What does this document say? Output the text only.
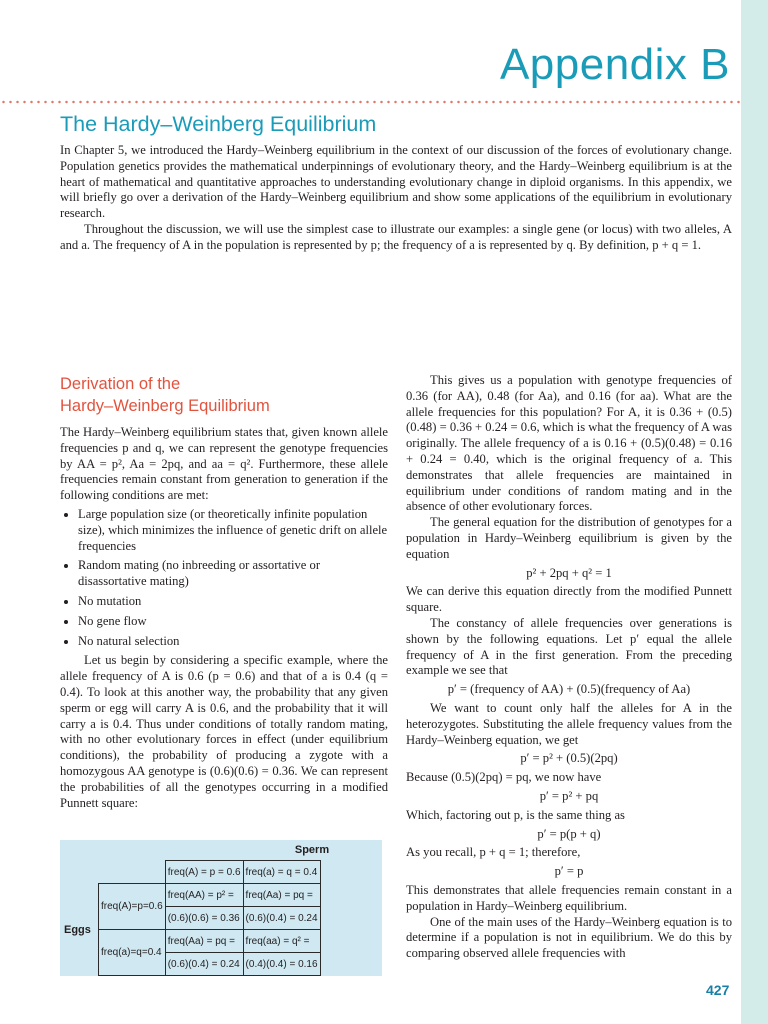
Appendix B
The Hardy–Weinberg Equilibrium

In Chapter 5, we introduced the Hardy–Weinberg equilibrium in the context of our discussion of the forces of evolutionary change. Population genetics provides the mathematical underpinnings of evolutionary theory, and the Hardy–Weinberg equilibrium is at the heart of mathematical and quantitative approaches to understanding evolutionary change in diploid organisms. In this appendix, we will briefly go over a derivation of the Hardy–Weinberg equilibrium and show some applications of the equilibrium in evolutionary research.

Throughout the discussion, we will use the simplest case to illustrate our examples: a single gene (or locus) with two alleles, A and a. The frequency of A in the population is represented by p; the frequency of a is represented by q. By definition, p + q = 1.

Derivation of the
Hardy–Weinberg Equilibrium

The Hardy–Weinberg equilibrium states that, given known allele frequencies p and q, we can represent the genotype frequencies by AA = p², Aa = 2pq, and aa = q². Furthermore, these allele frequencies remain constant from generation to generation if the following conditions are met:

• Large population size (or theoretically infinite population size), which minimizes the influence of genetic drift on allele frequencies
• Random mating (no inbreeding or assortative or disassortative mating)
• No mutation
• No gene flow
• No natural selection

Let us begin by considering a specific example, where the allele frequency of A is 0.6 (p = 0.6) and that of a is 0.4 (q = 0.4). To look at this another way, the probability that any given sperm or egg will carry A is 0.6, and the probability that it will carry a is 0.4. Thus under conditions of totally random mating, with no other evolutionary forces in effect (under equilibrium conditions), the probability of producing a zygote with a homozygous AA genotype is (0.6)(0.6) = 0.36. We can represent the probabilities of all the genotypes occurring in a modified Punnett square:

Sperm
Eggs
	freq(A) = p = 0.6	freq(a) = q = 0.4
freq(A)=p=0.6	freq(AA) = p² =	freq(Aa) = pq =
	(0.6)(0.6) = 0.36	(0.6)(0.4) = 0.24
freq(a)=q=0.4	freq(Aa) = pq =	freq(aa) = q² =
	(0.6)(0.4) = 0.24	(0.4)(0.4) = 0.16

This gives us a population with genotype frequencies of 0.36 (for AA), 0.48 (for Aa), and 0.16 (for aa). What are the allele frequencies for this population? For A, it is 0.36 + (0.5)(0.48) = 0.36 + 0.24 = 0.6, which is what the frequency of A was originally. The allele frequency of a is 0.16 + (0.5)(0.48) = 0.16 + 0.24 = 0.40, which is the original frequency of a. This demonstrates that allele frequencies are maintained in equilibrium under conditions of random mating and in the absence of other evolutionary forces.

The general equation for the distribution of genotypes for a population in Hardy–Weinberg equilibrium is given by the equation

p² + 2pq + q² = 1

We can derive this equation directly from the modified Punnett square.

The constancy of allele frequencies over generations is shown by the following equations. Let p′ equal the allele frequency of A in the first generation. From the preceding example we see that

p′ = (frequency of AA) + (0.5)(frequency of Aa)

We want to count only half the alleles for A in the heterozygotes. Substituting the allele frequency values from the Hardy–Weinberg equation, we get

p′ = p² + (0.5)(2pq)

Because (0.5)(2pq) = pq, we now have

p′ = p² + pq

Which, factoring out p, is the same thing as

p′ = p(p + q)

As you recall, p + q = 1; therefore,

p′ = p

This demonstrates that allele frequencies remain constant in a population in Hardy–Weinberg equilibrium.

One of the main uses of the Hardy–Weinberg equation is to determine if a population is not in equilibrium. We do this by comparing observed allele frequencies with

427
